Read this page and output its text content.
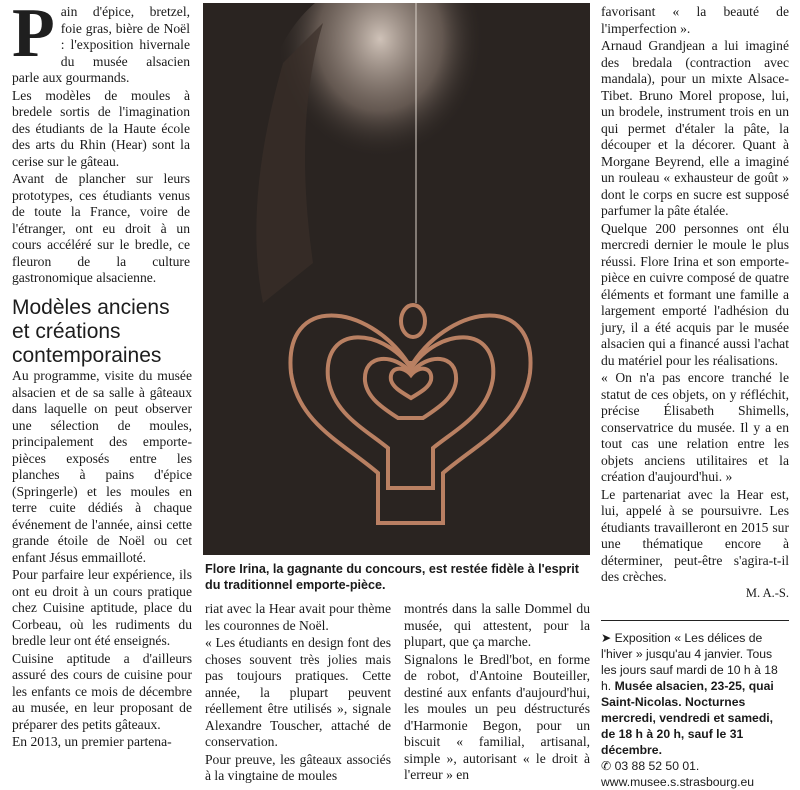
P ain d'épice, bretzel, foie gras, bière de Noël : l'exposition hivernale du musée alsacien parle aux gourmands.

Les modèles de moules à bredele sortis de l'imagination des étudiants de la Haute école des arts du Rhin (Hear) sont la cerise sur le gâteau.

Avant de plancher sur leurs prototypes, ces étudiants venus de toute la France, voire de l'étranger, ont eu droit à un cours accéléré sur le bredle, ce fleuron de la culture gastronomique alsacienne.

Modèles anciens et créations contemporaines

Au programme, visite du musée alsacien et de sa salle à gâteaux dans laquelle on peut observer une sélection de moules, principalement des emporte-pièces exposés entre les planches à pains d'épice (Springerle) et les moules en terre cuite dédiés à chaque événement de l'année, ainsi cette grande étoile de Noël ou cet enfant Jésus emmailloté.

Pour parfaire leur expérience, ils ont eu droit à un cours pratique chez Cuisine aptitude, place du Corbeau, où les rudiments du bredle leur ont été enseignés.

Cuisine aptitude a d'ailleurs assuré des cours de cuisine pour les enfants ce mois de décembre au musée, en leur proposant de préparer des petits gâteaux.

En 2013, un premier partena-

Flore Irina, la gagnante du concours, est restée fidèle à l'esprit du traditionnel emporte-pièce.

riat avec la Hear avait pour thème les couronnes de Noël.

« Les étudiants en design font des choses souvent très jolies mais pas toujours pratiques. Cette année, la plupart peuvent réellement être utilisés », signale Alexandre Touscher, attaché de conservation.

Pour preuve, les gâteaux associés à la vingtaine de moules

montrés dans la salle Dommel du musée, qui attestent, pour la plupart, que ça marche.

Signalons le Bredl'bot, en forme de robot, d'Antoine Bouteiller, destiné aux enfants d'aujourd'hui, les moules un peu déstructurés d'Harmonie Begon, pour un biscuit « familial, artisanal, simple », autorisant « le droit à l'erreur » en

favorisant « la beauté de l'imperfection ».

Arnaud Grandjean a lui imaginé des bredala (contraction avec mandala), pour un mixte Alsace-Tibet. Bruno Morel propose, lui, un brodele, instrument trois en un qui permet d'étaler la pâte, la découper et la décorer. Quant à Morgane Beyrend, elle a imaginé un rouleau « exhausteur de goût » dont le corps en sucre est supposé parfumer la pâte étalée.

Quelque 200 personnes ont élu mercredi dernier le moule le plus réussi. Flore Irina et son emporte-pièce en cuivre composé de quatre éléments et formant une famille a largement emporté l'adhésion du jury, il a été acquis par le musée alsacien qui a financé aussi l'achat du matériel pour les réalisations.

« On n'a pas encore tranché le statut de ces objets, on y réfléchit, précise Élisabeth Shimells, conservatrice du musée. Il y a en tout cas une relation entre les objets anciens utilitaires et la création d'aujourd'hui. »

Le partenariat avec la Hear est, lui, appelé à se poursuivre. Les étudiants travailleront en 2015 sur une thématique encore à déterminer, peut-être s'agira-t-il des crèches.

M. A.-S.

➤ Exposition « Les délices de l'hiver » jusqu'au 4 janvier. Tous les jours sauf mardi de 10 h à 18 h. Musée alsacien, 23-25, quai Saint-Nicolas. Nocturnes mercredi, vendredi et samedi, de 18 h à 20 h, sauf le 31 décembre.

✆ 03 88 52 50 01.

www.musee.s.strasbourg.eu
